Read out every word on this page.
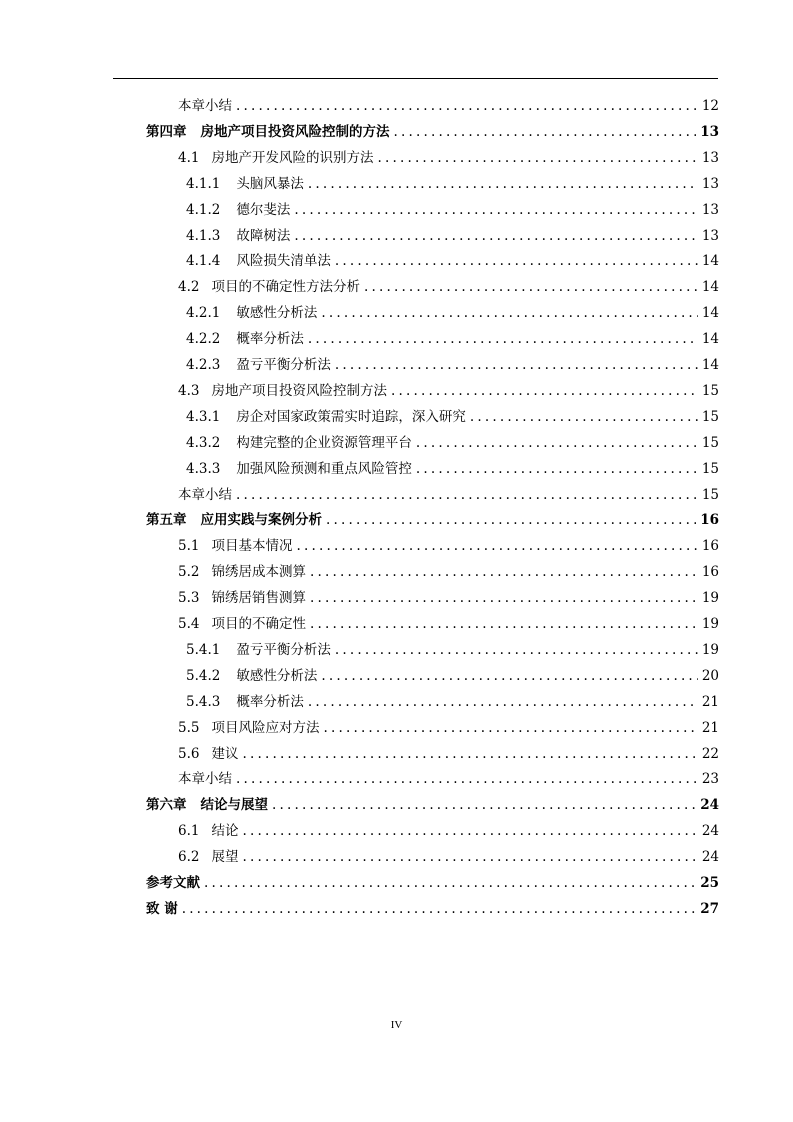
本章小结 .....	12
第四章 房地产项目投资风险控制的方法 .....	13
4.1 房地产开发风险的识别方法 .....	13
4.1.1 头脑风暴法 .....	13
4.1.2 德尔斐法 .....	13
4.1.3 故障树法 .....	13
4.1.4 风险损失清单法 .....	14
4.2 项目的不确定性方法分析 .....	14
4.2.1 敏感性分析法 .....	14
4.2.2 概率分析法 .....	14
4.2.3 盈亏平衡分析法 .....	14
4.3 房地产项目投资风险控制方法 .....	15
4.3.1 房企对国家政策需实时追踪，深入研究 .....	15
4.3.2 构建完整的企业资源管理平台 .....	15
4.3.3 加强风险预测和重点风险管控 .....	15
本章小结 .....	15
第五章 应用实践与案例分析 .....	16
5.1 项目基本情况 .....	16
5.2 锦绣居成本测算 .....	16
5.3 锦绣居销售测算 .....	19
5.4 项目的不确定性 .....	19
5.4.1 盈亏平衡分析法 .....	19
5.4.2 敏感性分析法 .....	20
5.4.3 概率分析法 .....	21
5.5 项目风险应对方法 .....	21
5.6 建议 .....	22
本章小结 .....	23
第六章 结论与展望 .....	24
6.1 结论 .....	24
6.2 展望 .....	24
参考文献 .....	25
致 谢 .....	27
IV
